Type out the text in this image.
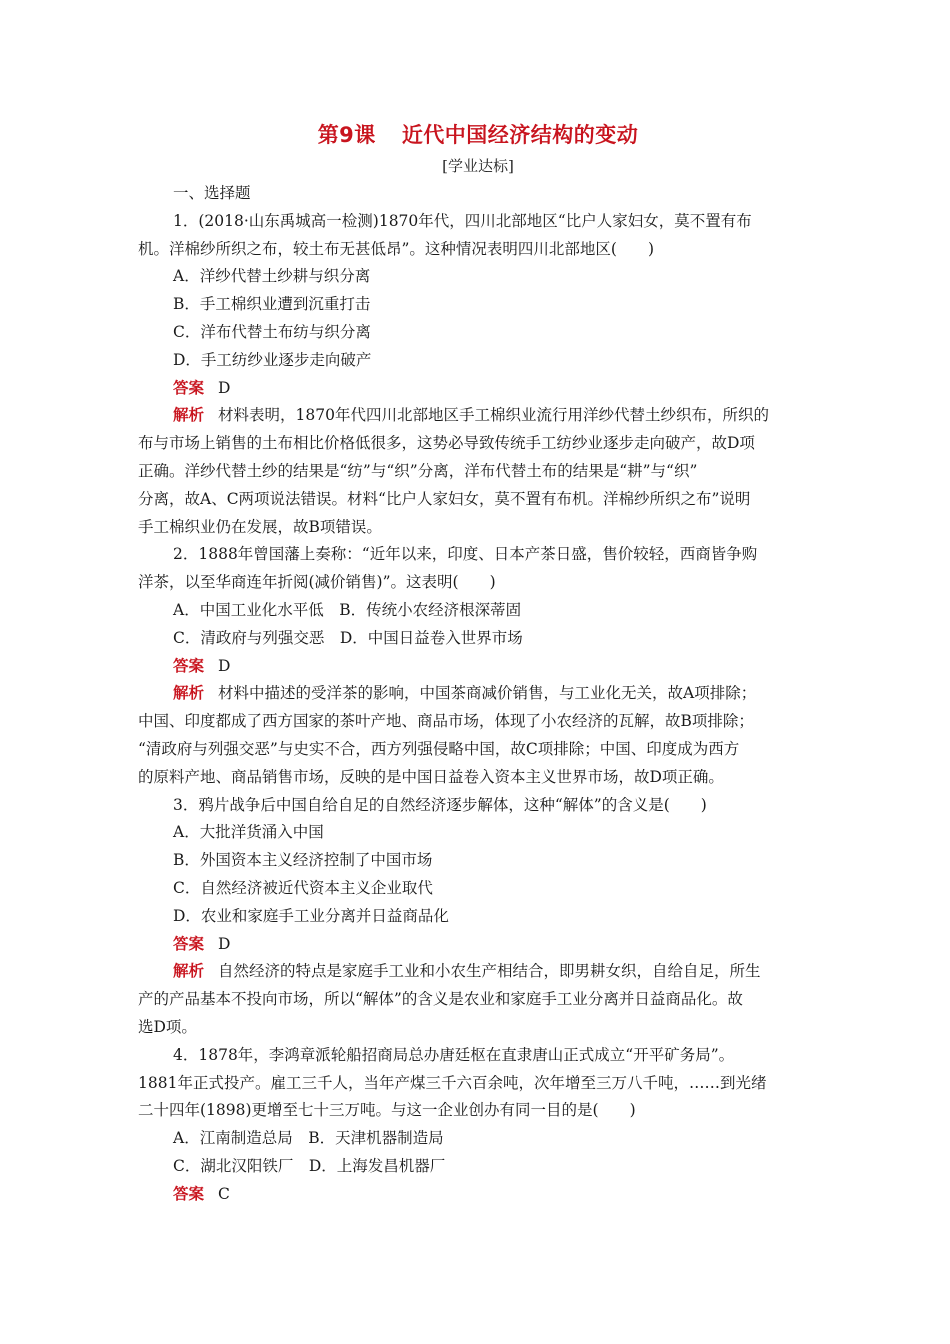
第9课 近代中国经济结构的变动

[学业达标]

一、选择题

1．(2018·山东禹城高一检测)1870年代，四川北部地区“比户人家妇女，莫不置有布

机。洋棉纱所织之布，较土布无甚低昂”。这种情况表明四川北部地区(　　)

A．洋纱代替土纱耕与织分离

B．手工棉织业遭到沉重打击

C．洋布代替土布纺与织分离

D．手工纺纱业逐步走向破产

答案 D

解析 材料表明，1870年代四川北部地区手工棉织业流行用洋纱代替土纱织布，所织的

布与市场上销售的土布相比价格低很多，这势必导致传统手工纺纱业逐步走向破产，故D项

正确。洋纱代替土纱的结果是“纺”与“织”分离，洋布代替土布的结果是“耕”与“织”

分离，故A、C两项说法错误。材料“比户人家妇女，莫不置有布机。洋棉纱所织之布”说明

手工棉织业仍在发展，故B项错误。

2．1888年曾国藩上奏称：“近年以来，印度、日本产茶日盛，售价较轻，西商皆争购

洋茶，以至华商连年折阅(减价销售)”。这表明(　　)

A．中国工业化水平低　B．传统小农经济根深蒂固

C．清政府与列强交恶　D．中国日益卷入世界市场

答案 D

解析 材料中描述的受洋茶的影响，中国茶商减价销售，与工业化无关，故A项排除；

中国、印度都成了西方国家的茶叶产地、商品市场，体现了小农经济的瓦解，故B项排除；

“清政府与列强交恶”与史实不合，西方列强侵略中国，故C项排除；中国、印度成为西方

的原料产地、商品销售市场，反映的是中国日益卷入资本主义世界市场，故D项正确。

3．鸦片战争后中国自给自足的自然经济逐步解体，这种“解体”的含义是(　　)

A．大批洋货涌入中国

B．外国资本主义经济控制了中国市场

C．自然经济被近代资本主义企业取代

D．农业和家庭手工业分离并日益商品化

答案 D

解析 自然经济的特点是家庭手工业和小农生产相结合，即男耕女织，自给自足，所生

产的产品基本不投向市场，所以“解体”的含义是农业和家庭手工业分离并日益商品化。故

选D项。

4．1878年，李鸿章派轮船招商局总办唐廷枢在直隶唐山正式成立“开平矿务局”。

1881年正式投产。雇工三千人，当年产煤三千六百余吨，次年增至三万八千吨，……到光绪

二十四年(1898)更增至七十三万吨。与这一企业创办有同一目的是(　　)

A．江南制造总局　B．天津机器制造局

C．湖北汉阳铁厂　D．上海发昌机器厂

答案 C
